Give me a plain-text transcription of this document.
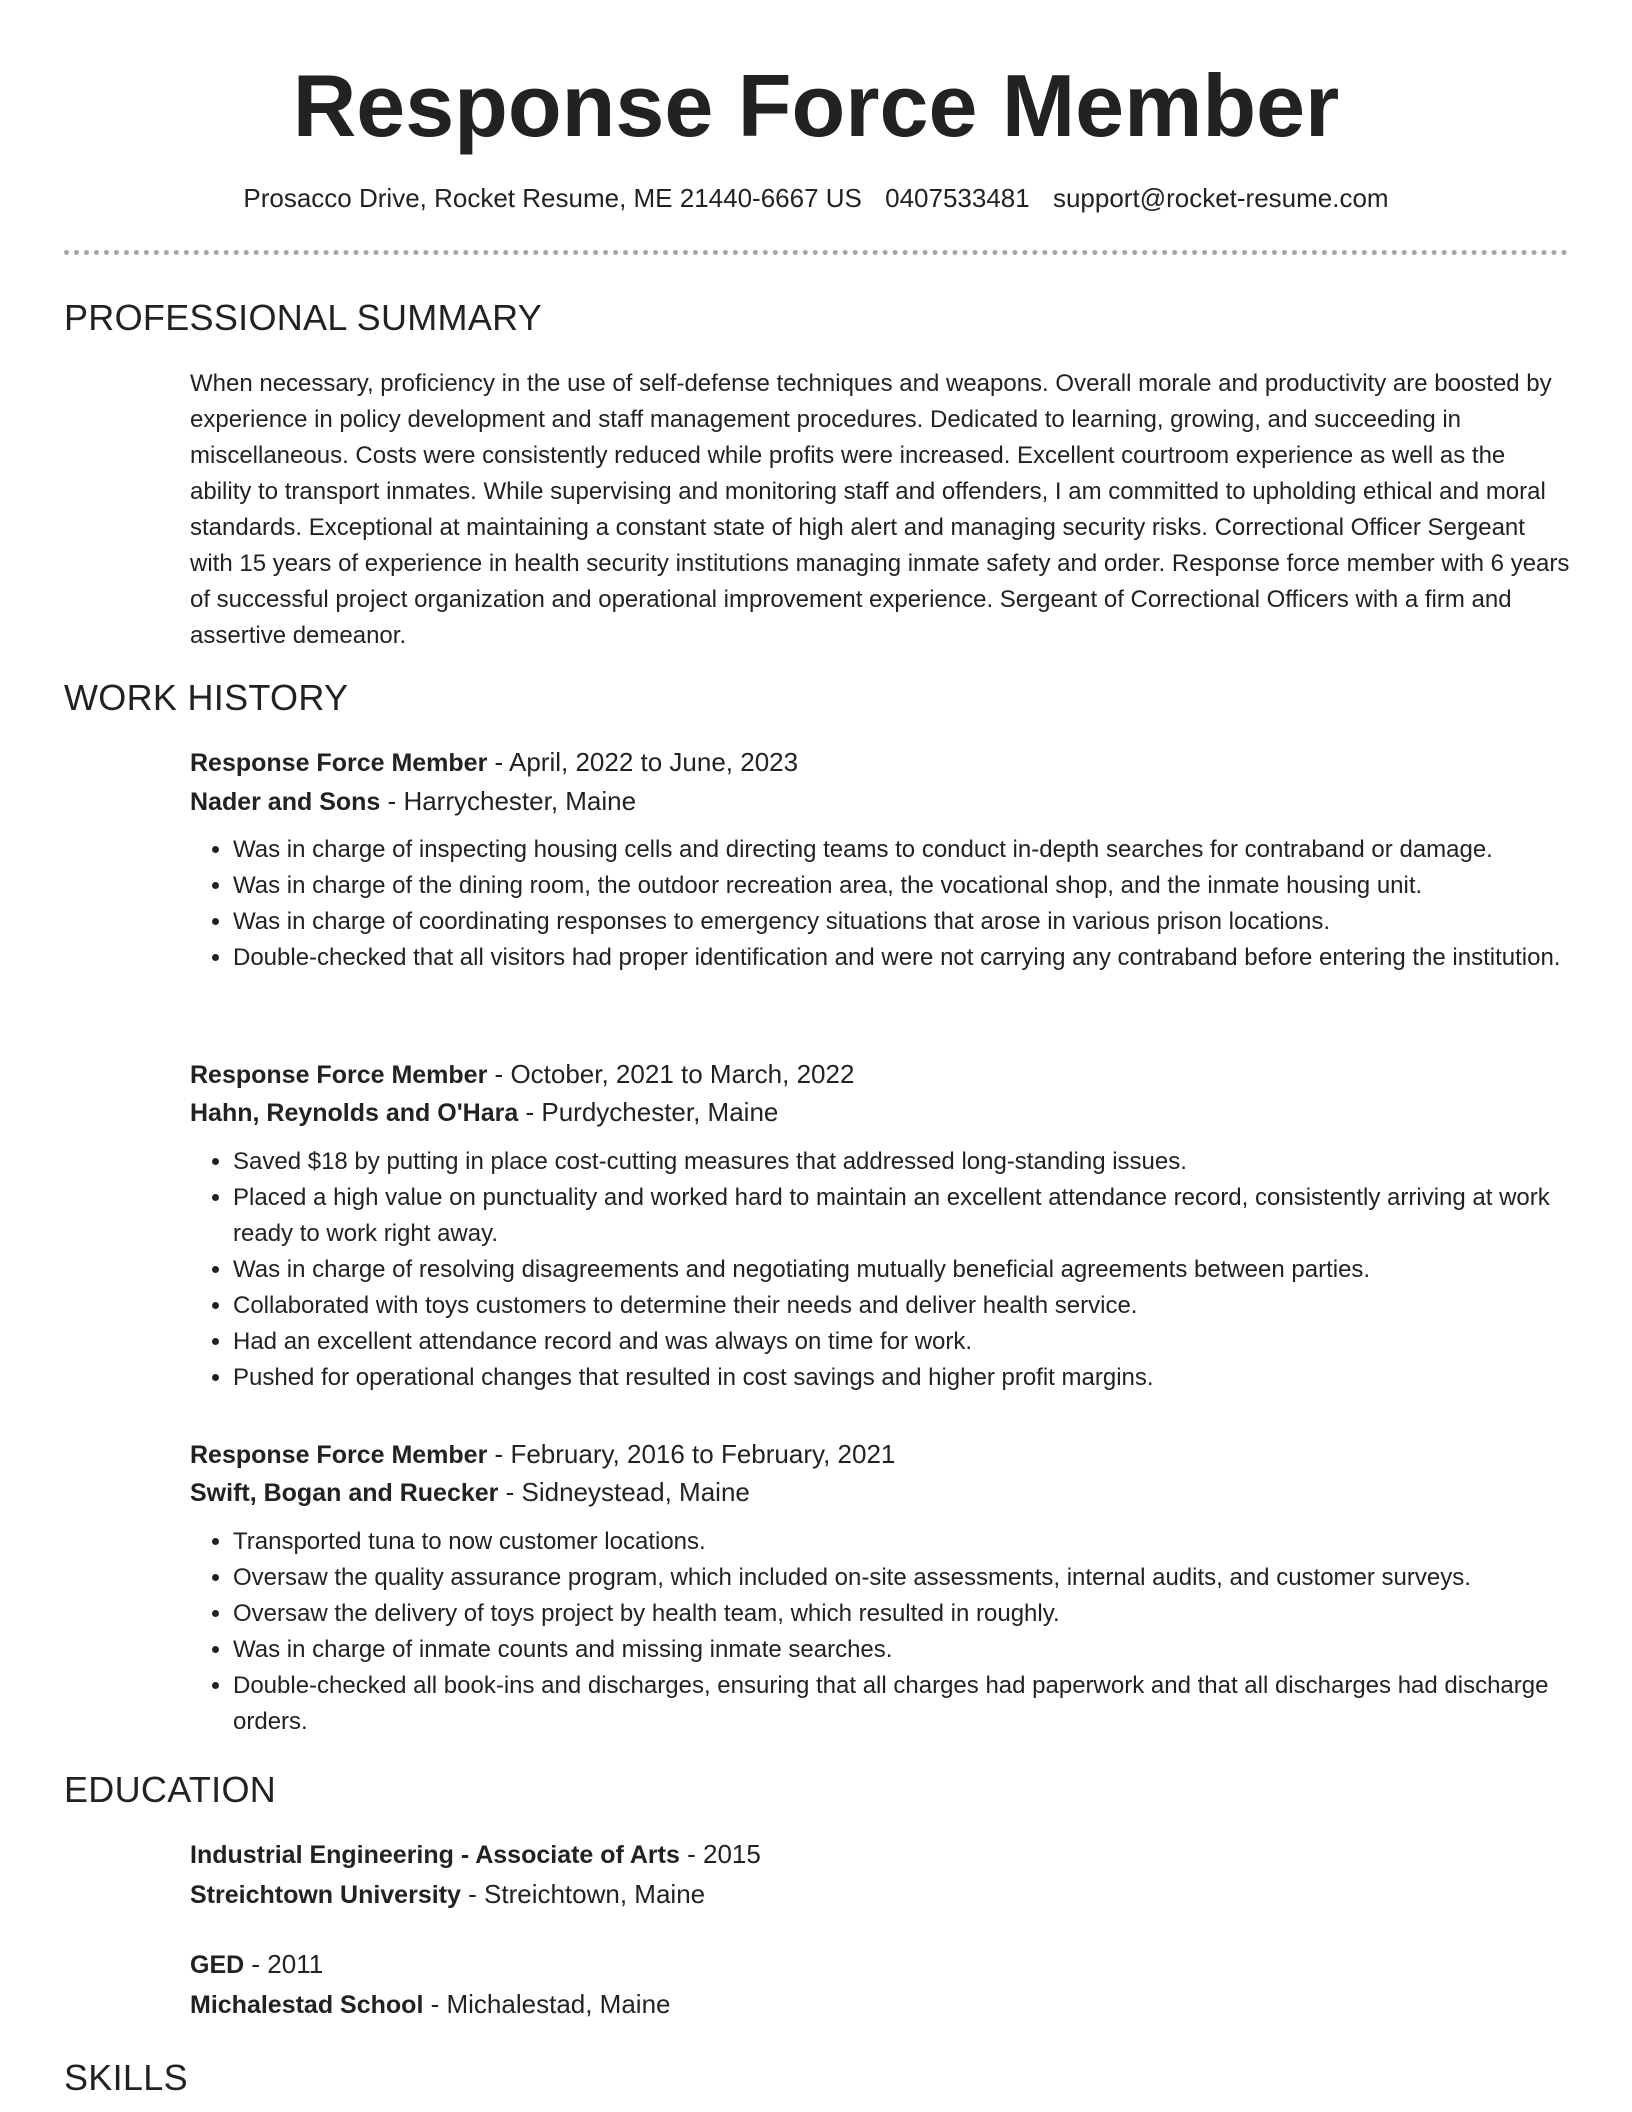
Response Force Member
Prosacco Drive, Rocket Resume, ME 21440-6667 US 0407533481 support@rocket-resume.com
PROFESSIONAL SUMMARY

When necessary, proficiency in the use of self-defense techniques and weapons. Overall morale and productivity are boosted by experience in policy development and staff management procedures. Dedicated to learning, growing, and succeeding in miscellaneous. Costs were consistently reduced while profits were increased. Excellent courtroom experience as well as the ability to transport inmates. While supervising and monitoring staff and offenders, I am committed to upholding ethical and moral standards. Exceptional at maintaining a constant state of high alert and managing security risks. Correctional Officer Sergeant with 15 years of experience in health security institutions managing inmate safety and order. Response force member with 6 years of successful project organization and operational improvement experience. Sergeant of Correctional Officers with a firm and assertive demeanor.

WORK HISTORY
Response Force Member - April, 2022 to June, 2023
Nader and Sons - Harrychester, Maine
• Was in charge of inspecting housing cells and directing teams to conduct in-depth searches for contraband or damage.
• Was in charge of the dining room, the outdoor recreation area, the vocational shop, and the inmate housing unit.
• Was in charge of coordinating responses to emergency situations that arose in various prison locations.
• Double-checked that all visitors had proper identification and were not carrying any contraband before entering the institution.
Response Force Member - October, 2021 to March, 2022
Hahn, Reynolds and O'Hara - Purdychester, Maine
• Saved $18 by putting in place cost-cutting measures that addressed long-standing issues.
• Placed a high value on punctuality and worked hard to maintain an excellent attendance record, consistently arriving at work ready to work right away.
• Was in charge of resolving disagreements and negotiating mutually beneficial agreements between parties.
• Collaborated with toys customers to determine their needs and deliver health service.
• Had an excellent attendance record and was always on time for work.
• Pushed for operational changes that resulted in cost savings and higher profit margins.
Response Force Member - February, 2016 to February, 2021
Swift, Bogan and Ruecker - Sidneystead, Maine
• Transported tuna to now customer locations.
• Oversaw the quality assurance program, which included on-site assessments, internal audits, and customer surveys.
• Oversaw the delivery of toys project by health team, which resulted in roughly.
• Was in charge of inmate counts and missing inmate searches.
• Double-checked all book-ins and discharges, ensuring that all charges had paperwork and that all discharges had discharge orders.
EDUCATION
Industrial Engineering - Associate of Arts - 2015
Streichtown University - Streichtown, Maine
GED - 2011
Michalestad School - Michalestad, Maine
SKILLS
